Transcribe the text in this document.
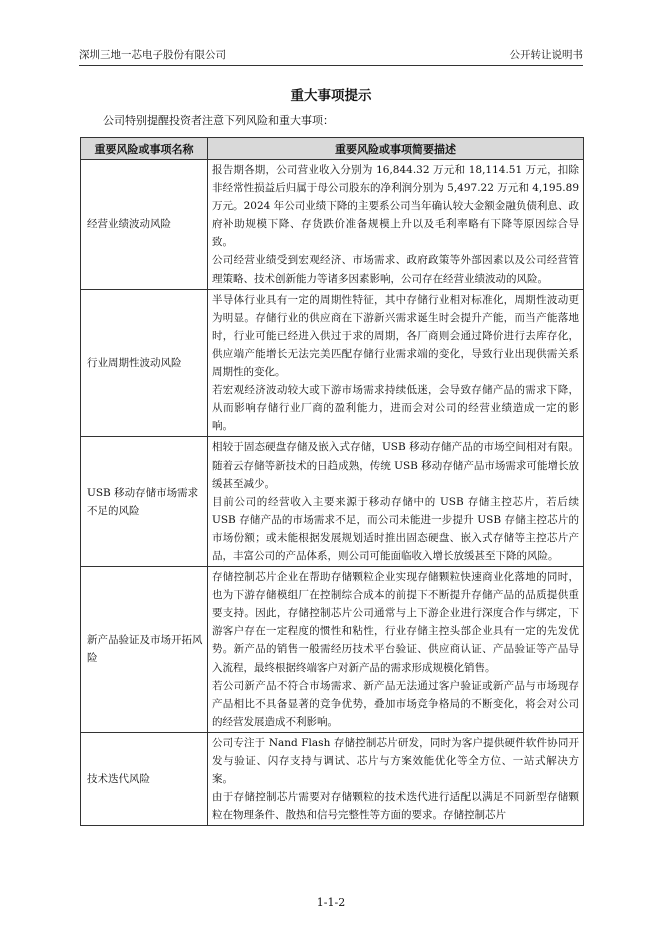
深圳三地一芯电子股份有限公司	公开转让说明书
重大事项提示
公司特别提醒投资者注意下列风险和重大事项：
重要风险或事项名称	重要风险或事项简要描述
经营业绩波动风险	报告期各期，公司营业收入分别为 16,844.32 万元和 18,114.51 万元，扣除非经常性损益后归属于母公司股东的净利润分别为 5,497.22 万元和 4,195.89 万元。2024 年公司业绩下降的主要系公司当年确认较大金额金融负债利息、政府补助规模下降、存货跌价准备规模上升以及毛利率略有下降等原因综合导致。

公司经营业绩受到宏观经济、市场需求、政府政策等外部因素以及公司经营管理策略、技术创新能力等诸多因素影响，公司存在经营业绩波动的风险。

行业周期性波动风险	半导体行业具有一定的周期性特征，其中存储行业相对标准化，周期性波动更为明显。存储行业的供应商在下游新兴需求诞生时会提升产能，而当产能落地时，行业可能已经进入供过于求的周期，各厂商则会通过降价进行去库存化，供应端产能增长无法完美匹配存储行业需求端的变化，导致行业出现供需关系周期性的变化。

若宏观经济波动较大或下游市场需求持续低迷，会导致存储产品的需求下降，从而影响存储行业厂商的盈利能力，进而会对公司的经营业绩造成一定的影响。

USB 移动存储市场需求不足的风险	相较于固态硬盘存储及嵌入式存储，USB 移动存储产品的市场空间相对有限。随着云存储等新技术的日趋成熟，传统 USB 移动存储产品市场需求可能增长放缓甚至减少。

目前公司的经营收入主要来源于移动存储中的 USB 存储主控芯片，若后续 USB 存储产品的市场需求不足，而公司未能进一步提升 USB 存储主控芯片的市场份额；或未能根据发展规划适时推出固态硬盘、嵌入式存储等主控芯片产品，丰富公司的产品体系，则公司可能面临收入增长放缓甚至下降的风险。

新产品验证及市场开拓风险	存储控制芯片企业在帮助存储颗粒企业实现存储颗粒快速商业化落地的同时，也为下游存储模组厂在控制综合成本的前提下不断提升存储产品的品质提供重要支持。因此，存储控制芯片公司通常与上下游企业进行深度合作与绑定，下游客户存在一定程度的惯性和粘性，行业存储主控头部企业具有一定的先发优势。新产品的销售一般需经历技术平台验证、供应商认证、产品验证等产品导入流程，最终根据终端客户对新产品的需求形成规模化销售。

若公司新产品不符合市场需求、新产品无法通过客户验证或新产品与市场现存产品相比不具备显著的竞争优势，叠加市场竞争格局的不断变化，将会对公司的经营发展造成不利影响。

技术迭代风险	公司专注于 Nand Flash 存储控制芯片研发，同时为客户提供硬件软件协同开发与验证、闪存支持与调试、芯片与方案效能优化等全方位、一站式解决方案。

由于存储控制芯片需要对存储颗粒的技术迭代进行适配以满足不同新型存储颗粒在物理条件、散热和信号完整性等方面的要求。存储控制芯片

1-1-2
